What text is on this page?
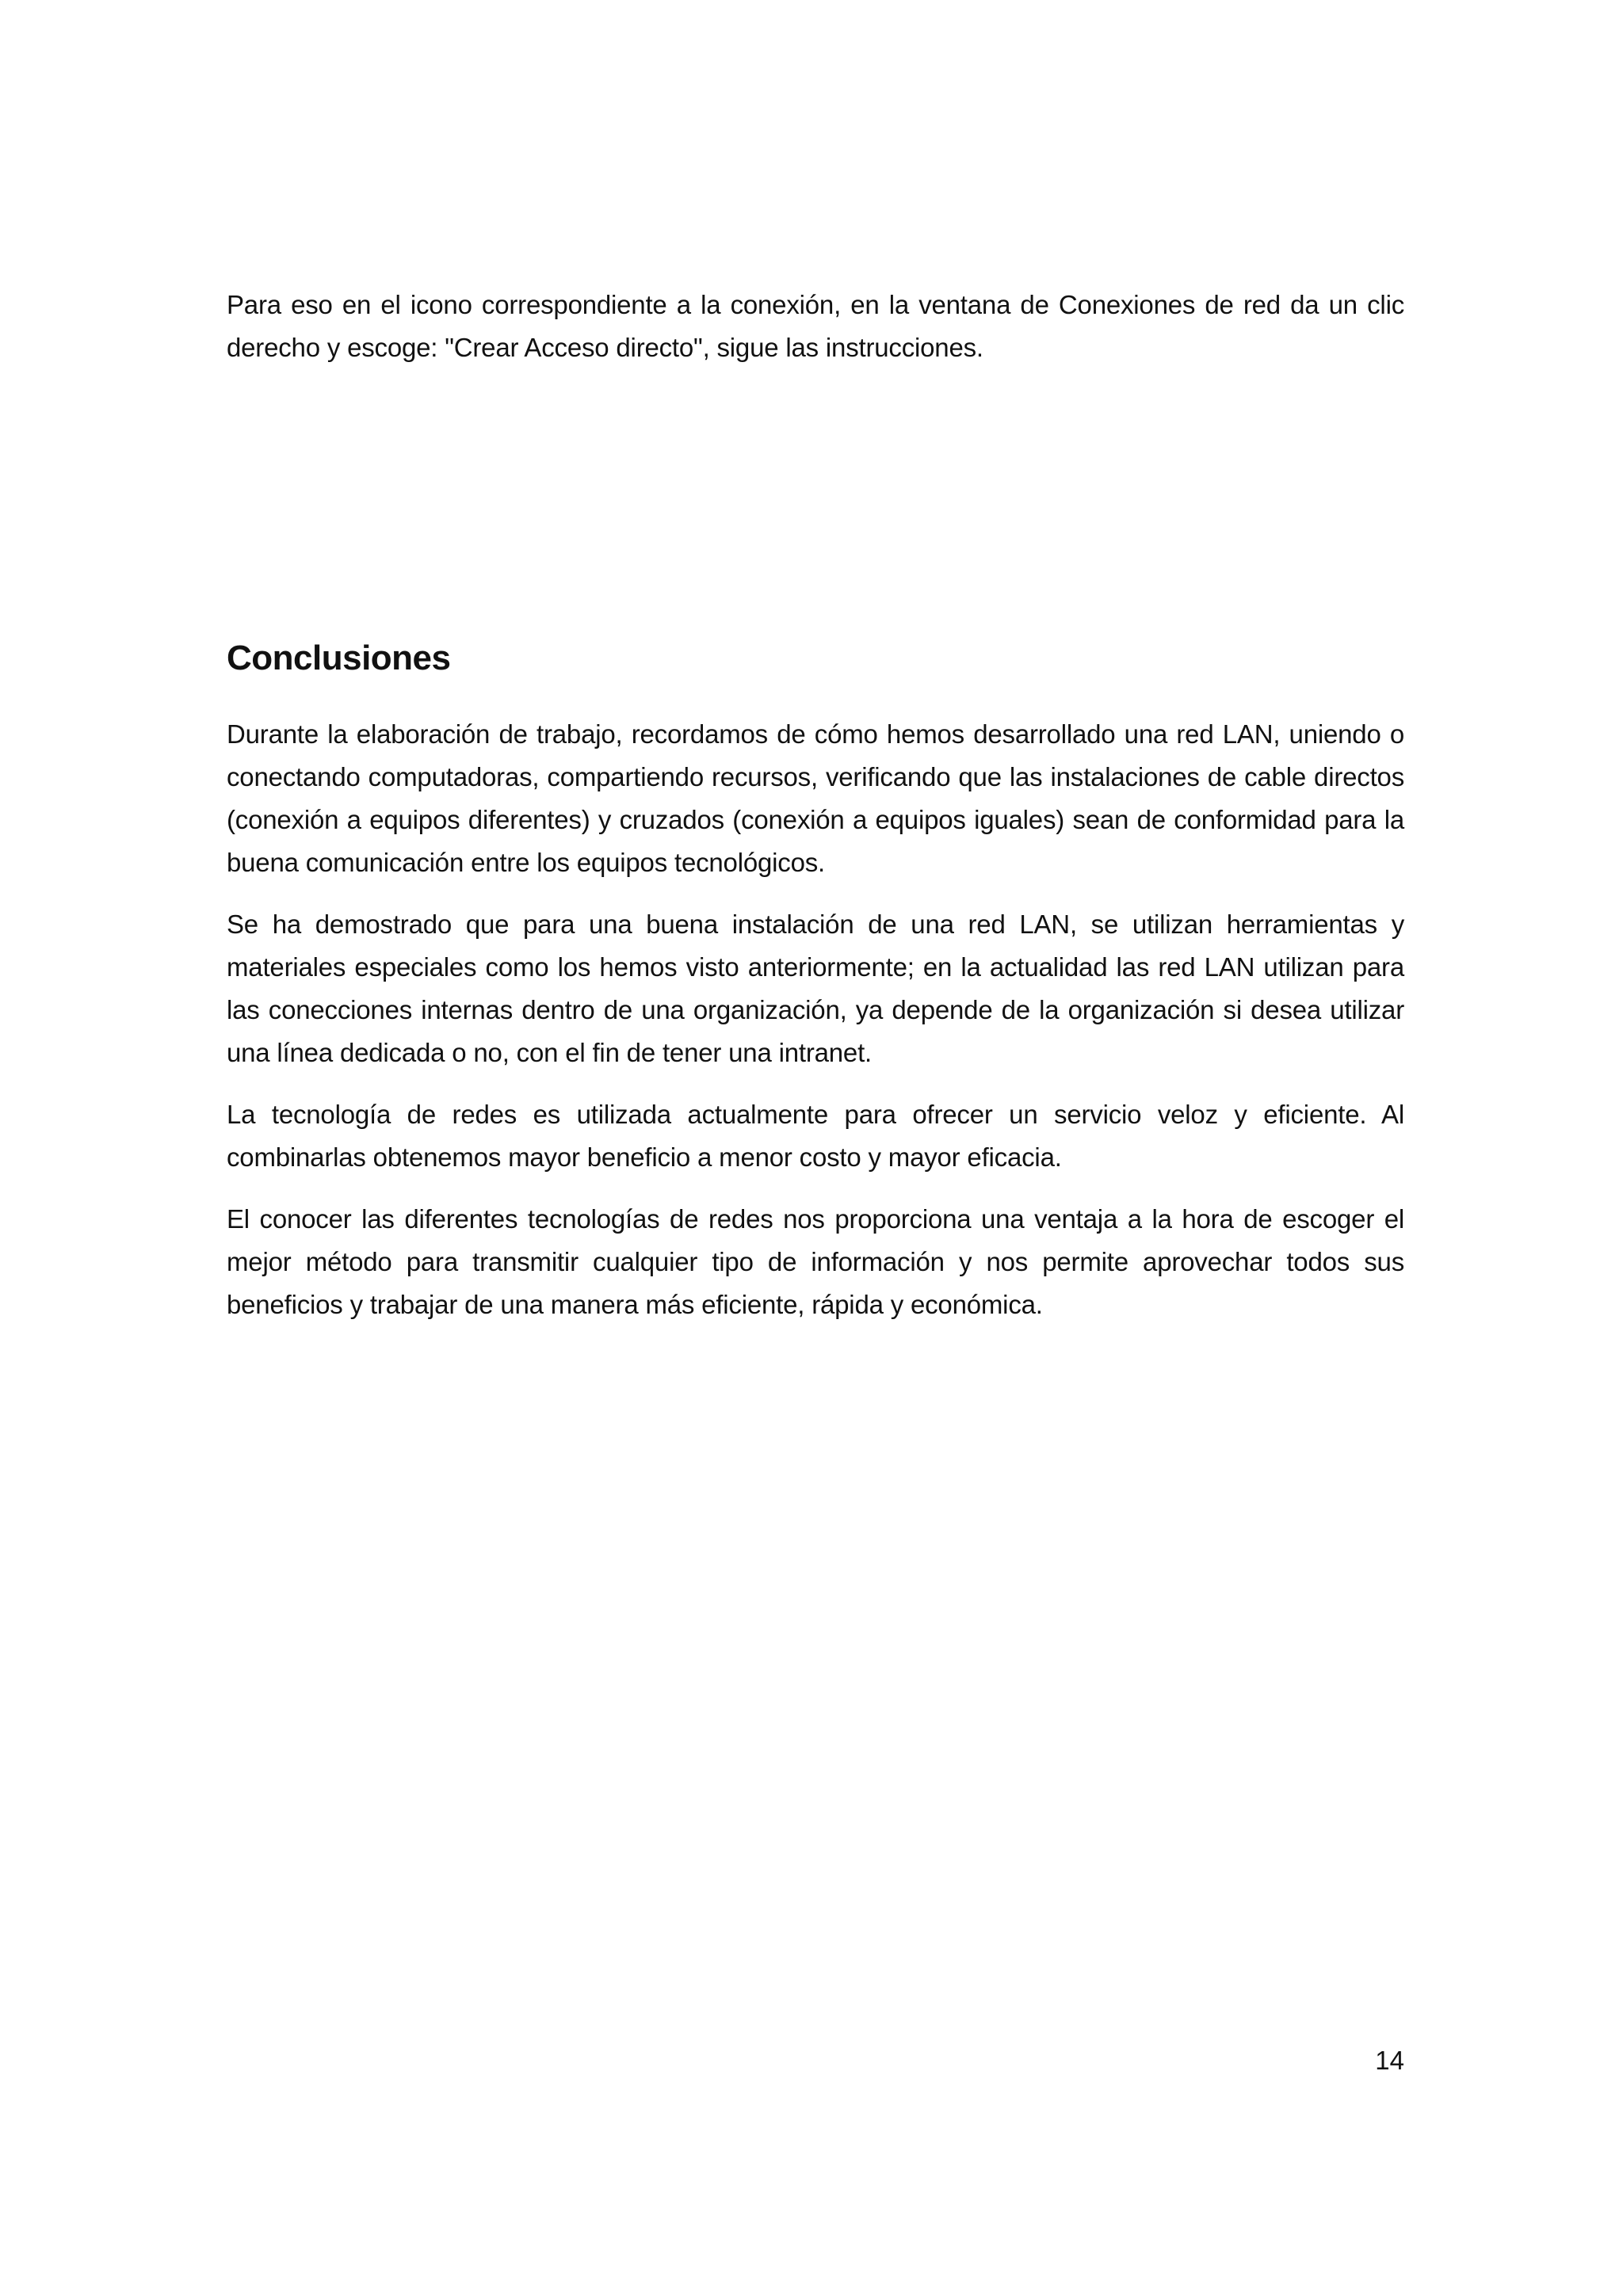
Para eso en el icono correspondiente a la conexión, en la ventana de Conexiones de red da un clic derecho y escoge: "Crear Acceso directo", sigue las instrucciones.

Conclusiones

Durante la elaboración de trabajo, recordamos de cómo hemos desarrollado una red LAN, uniendo o conectando computadoras, compartiendo recursos, verificando que las instalaciones de cable directos (conexión a equipos diferentes) y cruzados (conexión a equipos iguales) sean de conformidad para la buena comunicación entre los equipos tecnológicos.

Se ha demostrado que para una buena instalación de una red LAN, se utilizan herramientas y materiales especiales como los hemos visto anteriormente; en la actualidad las red LAN utilizan para las conecciones internas dentro de una organización, ya depende de la organización si desea utilizar una línea dedicada o no, con el fin de tener una intranet.

La tecnología de redes es utilizada actualmente para ofrecer un servicio veloz y eficiente. Al combinarlas obtenemos mayor beneficio a menor costo y mayor eficacia.

El conocer las diferentes tecnologías de redes nos proporciona una ventaja a la hora de escoger el mejor método para transmitir cualquier tipo de información y nos permite aprovechar todos sus beneficios y trabajar de una manera más eficiente, rápida y económica.

14
